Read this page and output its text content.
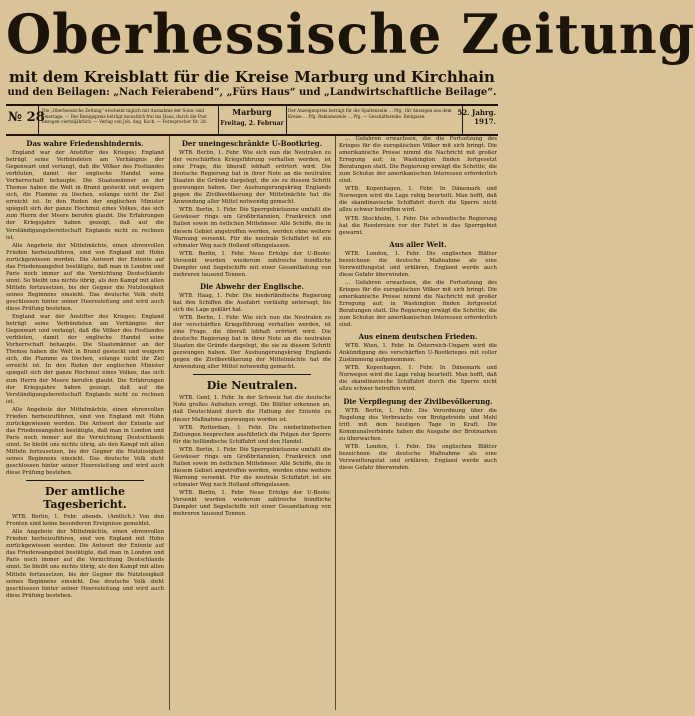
Oberhessische Zeitung
mit dem Kreisblatt für die Kreise Marburg und Kirchhain
und den Beilagen: „Nach Feierabend“, „Fürs Haus“ und „Landwirtschaftliche Beilage“.
№ 28
Die „Oberhessische Zeitung“ erscheint täglich mit Ausnahme der Sonn- und Feiertage. — Der Bezugspreis beträgt monatlich frei ins Haus, durch die Post bezogen vierteljährlich. — Verlag von Joh. Aug. Koch. — Fernsprecher Nr. 28.
Marburg
Freitag, 2. Februar
Der Anzeigenpreis beträgt für die Spaltenzeile … Pfg., für Anzeigen aus dem Kreise … Pfg. Reklamezeile … Pfg. — Geschäftsstelle: Reitgasse.	52. Jahrg.
1917.
Das wahre Friedenshindernis.

England war der Anstifter des Krieges; England betrügt seine Verbündeten am Verhängnis der Gegenwart und verlangt, daß die Völker des Festlandes verbluten, damit der englische Handel seine Vorherrschaft behaupte. Die Staatsmänner an der Themse haben die Welt in Brand gesteckt und weigern sich, die Flamme zu löschen, solange nicht ihr Ziel erreicht ist. In den Reden der englischen Minister spiegelt sich der ganze Hochmut eines Volkes, das sich zum Herrn der Meere berufen glaubt. Die Erfahrungen der Kriegsjahre haben gezeigt, daß auf die Verständigungsbereitschaft Englands nicht zu rechnen ist.

Alle Angebote der Mittelmächte, einen ehrenvollen Frieden herbeizuführen, sind von England mit Hohn zurückgewiesen worden. Die Antwort der Entente auf das Friedensangebot bestätigte, daß man in London und Paris noch immer auf die Vernichtung Deutschlands sinnt. So bleibt uns nichts übrig, als den Kampf mit allen Mitteln fortzusetzen, bis der Gegner die Nutzlosigkeit seines Beginnens einsieht. Das deutsche Volk steht geschlossen hinter seiner Heeresleitung und wird auch diese Prüfung bestehen.

England war der Anstifter des Krieges; England betrügt seine Verbündeten am Verhängnis der Gegenwart und verlangt, daß die Völker des Festlandes verbluten, damit der englische Handel seine Vorherrschaft behaupte. Die Staatsmänner an der Themse haben die Welt in Brand gesteckt und weigern sich, die Flamme zu löschen, solange nicht ihr Ziel erreicht ist. In den Reden der englischen Minister spiegelt sich der ganze Hochmut eines Volkes, das sich zum Herrn der Meere berufen glaubt. Die Erfahrungen der Kriegsjahre haben gezeigt, daß auf die Verständigungsbereitschaft Englands nicht zu rechnen ist.

Alle Angebote der Mittelmächte, einen ehrenvollen Frieden herbeizuführen, sind von England mit Hohn zurückgewiesen worden. Die Antwort der Entente auf das Friedensangebot bestätigte, daß man in London und Paris noch immer auf die Vernichtung Deutschlands sinnt. So bleibt uns nichts übrig, als den Kampf mit allen Mitteln fortzusetzen, bis der Gegner die Nutzlosigkeit seines Beginnens einsieht. Das deutsche Volk steht geschlossen hinter seiner Heeresleitung und wird auch diese Prüfung bestehen.

Der amtliche Tagesbericht.

WTB. Berlin, 1. Febr. abends. (Amtlich.) Von den Fronten sind keine besonderen Ereignisse gemeldet.

Alle Angebote der Mittelmächte, einen ehrenvollen Frieden herbeizuführen, sind von England mit Hohn zurückgewiesen worden. Die Antwort der Entente auf das Friedensangebot bestätigte, daß man in London und Paris noch immer auf die Vernichtung Deutschlands sinnt. So bleibt uns nichts übrig, als den Kampf mit allen Mitteln fortzusetzen, bis der Gegner die Nutzlosigkeit seines Beginnens einsieht. Das deutsche Volk steht geschlossen hinter seiner Heeresleitung und wird auch diese Prüfung bestehen.

Der uneingeschränkte U-Bootkrieg.

WTB. Berlin, 1. Febr. Wie sich nun die Neutralen zu der verschärften Kriegsführung verhalten werden, ist eine Frage, die überall lebhaft erörtert wird. Die deutsche Regierung hat in ihrer Note an die neutralen Staaten die Gründe dargelegt, die sie zu diesem Schritt gezwungen haben. Der Aushungerungskrieg Englands gegen die Zivilbevölkerung der Mittelmächte hat die Anwendung aller Mittel notwendig gemacht.

WTB. Berlin, 1. Febr. Die Sperrgebietszone umfaßt die Gewässer rings um Großbritannien, Frankreich und Italien sowie im östlichen Mittelmeer. Alle Schiffe, die in diesem Gebiet angetroffen werden, werden ohne weitere Warnung versenkt. Für die neutrale Schiffahrt ist ein schmaler Weg nach Holland offengelassen.

WTB. Berlin, 1. Febr. Neue Erfolge der U-Boote: Versenkt wurden wiederum zahlreiche feindliche Dampfer und Segelschiffe mit einer Gesamtladung von mehreren tausend Tonnen.

Die Abwehr der Englische.

WTB. Haag, 1. Febr. Die niederländische Regierung hat den Schiffen die Ausfahrt vorläufig untersagt, bis sich die Lage geklärt hat.

WTB. Berlin, 1. Febr. Wie sich nun die Neutralen zu der verschärften Kriegsführung verhalten werden, ist eine Frage, die überall lebhaft erörtert wird. Die deutsche Regierung hat in ihrer Note an die neutralen Staaten die Gründe dargelegt, die sie zu diesem Schritt gezwungen haben. Der Aushungerungskrieg Englands gegen die Zivilbevölkerung der Mittelmächte hat die Anwendung aller Mittel notwendig gemacht.

Die Neutralen.

WTB. Genf, 1. Febr. In der Schweiz hat die deutsche Note großes Aufsehen erregt. Die Blätter erkennen an, daß Deutschland durch die Haltung der Entente zu dieser Maßnahme gezwungen worden ist.

WTB. Rotterdam, 1. Febr. Die niederländischen Zeitungen besprechen ausführlich die Folgen der Sperre für die holländische Schiffahrt und den Handel.

WTB. Berlin, 1. Febr. Die Sperrgebietszone umfaßt die Gewässer rings um Großbritannien, Frankreich und Italien sowie im östlichen Mittelmeer. Alle Schiffe, die in diesem Gebiet angetroffen werden, werden ohne weitere Warnung versenkt. Für die neutrale Schiffahrt ist ein schmaler Weg nach Holland offengelassen.

WTB. Berlin, 1. Febr. Neue Erfolge der U-Boote: Versenkt wurden wiederum zahlreiche feindliche Dampfer und Segelschiffe mit einer Gesamtladung von mehreren tausend Tonnen.

… Gefahren erwachsen, die die Fortsetzung des Krieges für die europäischen Völker mit sich bringt. Die amerikanische Presse nimmt die Nachricht mit großer Erregung auf; in Washington finden fortgesetzt Beratungen statt. Die Regierung erwägt die Schritte, die zum Schutze der amerikanischen Interessen erforderlich sind.

WTB. Kopenhagen, 1. Febr. In Dänemark und Norwegen wird die Lage ruhig beurteilt. Man hofft, daß die skandinavische Schiffahrt durch die Sperre nicht allzu schwer betroffen wird.

WTB. Stockholm, 1. Febr. Die schwedische Regierung hat die Reedereien vor der Fahrt in das Sperrgebiet gewarnt.

Aus aller Welt.

WTB. London, 1. Febr. Die englischen Blätter bezeichnen die deutsche Maßnahme als eine Verzweiflungstat und erklären, England werde auch diese Gefahr überwinden.

… Gefahren erwachsen, die die Fortsetzung des Krieges für die europäischen Völker mit sich bringt. Die amerikanische Presse nimmt die Nachricht mit großer Erregung auf; in Washington finden fortgesetzt Beratungen statt. Die Regierung erwägt die Schritte, die zum Schutze der amerikanischen Interessen erforderlich sind.

Aus einem deutschen Frieden.

WTB. Wien, 1. Febr. In Österreich-Ungarn wird die Ankündigung des verschärften U-Bootkrieges mit voller Zustimmung aufgenommen.

WTB. Kopenhagen, 1. Febr. In Dänemark und Norwegen wird die Lage ruhig beurteilt. Man hofft, daß die skandinavische Schiffahrt durch die Sperre nicht allzu schwer betroffen wird.

Die Verpflegung der Zivilbevölkerung.

WTB. Berlin, 1. Febr. Die Verordnung über die Regelung des Verbrauchs von Brotgetreide und Mehl tritt mit dem heutigen Tage in Kraft. Die Kommunalverbände haben die Ausgabe der Brotmarken zu überwachen.

WTB. London, 1. Febr. Die englischen Blätter bezeichnen die deutsche Maßnahme als eine Verzweiflungstat und erklären, England werde auch diese Gefahr überwinden.
